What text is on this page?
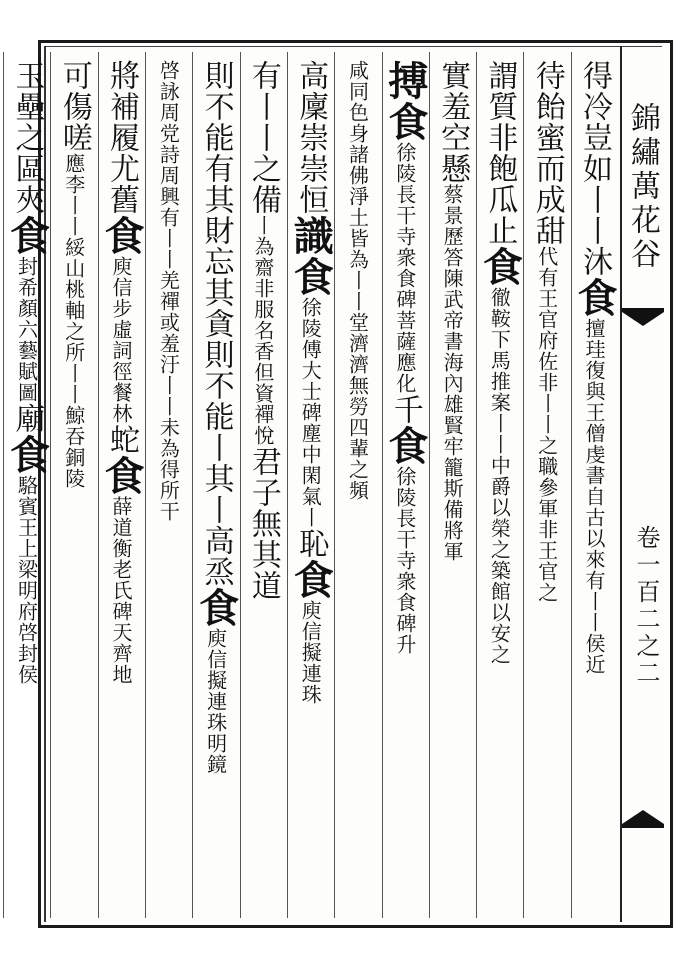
錦繡萬花谷
卷一百二之二
得冷豈如丨丨沐食擅珪復與王僧虔書自古以來有丨丨侯近
待飴蜜而成甜代有王官府佐非丨丨之職參軍非王官之
謂質非飽瓜止食徹鞍下馬推案丨丨中爵以榮之築館以安之
實羞空懸蔡景歷答陳武帝書海內雄賢牢籠斯備將軍
搏食徐陵長干寺衆食碑菩薩應化千食徐陵長干寺衆食碑升
咸同色身諸佛淨土皆為丨丨堂濟濟無勞四輩之頻
高廩崇崇恒識食徐陵傅大士碑塵中閑氣丨恥食庾信擬連珠
有丨丨之備丨為齋非服名香但資禪悅君子無其道
則不能有其財忘其貪則不能丨其丨高烝食庾信擬連珠明鏡
啓詠周党詩周興有丨丨羌禪或羞汙丨丨未為得所干
將補履尤舊食庾信步虛詞徑餐林蛇食薛道衡老氏碑天齊地
可傷嗟應李丨丨綏山桃軸之所丨丨鯨吞銅陵
玉壘之區夾食封希顏六藝賦圖廟食駱賓王上梁明府啓封侯
